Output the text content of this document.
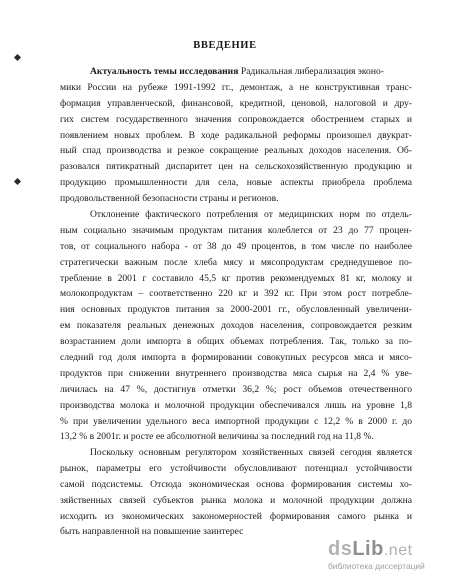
ВВЕДЕНИЕ
Актуальность темы исследования Радикальная либерализация эконо-
мики России на рубеже 1991-1992 гг., демонтаж, а не конструктивная транс-
формация управленческой, финансовой, кредитной, ценовой, налоговой и дру-
гих систем государственного значения сопровождается обострением старых и
появлением новых проблем. В ходе радикальной реформы произошел двукрат-
ный спад производства и резкое сокращение реальных доходов населения. Об-
разовался пятикратный диспаритет цен на сельскохозяйственную продукцию и
продукцию промышленности для села, новые аспекты приобрела проблема
продовольственной безопасности страны и регионов.
Отклонение фактического потребления от медицинских норм по отдель-
ным социально значимым продуктам питания колеблется от 23 до 77 процен-
тов, от социального набора - от 38 до 49 процентов, в том числе по наиболее
стратегически важным после хлеба мясу и мясопродуктам среднедушевое по-
требление в 2001 г составило 45,5 кг против рекомендуемых 81 кг, молоку и
молокопродуктам – соответственно 220 кг и 392 кг. При этом рост потребле-
ния основных продуктов питания за 2000-2001 гг., обусловленный увеличени-
ем показателя реальных денежных доходов населения, сопровождается резким
возрастанием доли импорта в общих объемах потребления. Так, только за по-
следний год доля импорта в формировании совокупных ресурсов мяса и мясо-
продуктов при снижении внутреннего производства мяса сырья на 2,4 % уве-
личилась на 47 %, достигнув отметки 36,2 %; рост объемов отечественного
производства молока и молочной продукции обеспечивался лишь на уровне 1,8
% при увеличении удельного веса импортной продукции с 12,2 % в 2000 г. до
13,2 % в 2001г. и росте ее абсолютной величины за последний год на 11,8 %.
Поскольку основным регулятором хозяйственных связей сегодня является
рынок, параметры его устойчивости обусловливают потенциал устойчивости
самой подсистемы. Отсюда экономическая основа формирования системы хо-
зяйственных связей субъектов рынка молока и молочной продукции должна
исходить из экономических закономерностей формирования самого рынка и
быть направленной на повышение заинтерес
dsLib.net
библиотека диссертаций
